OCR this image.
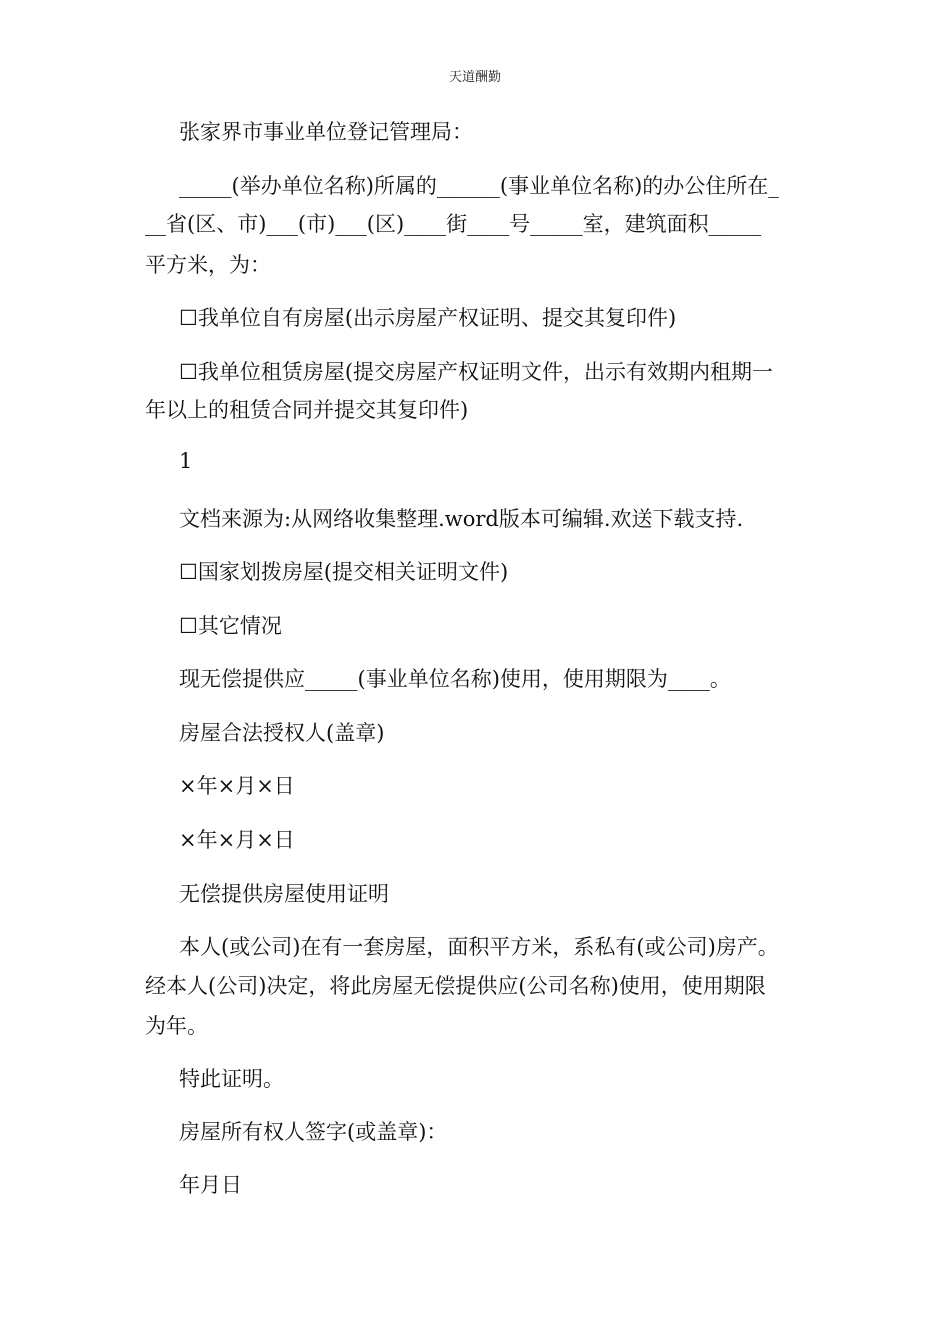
天道酬勤
张家界市事业单位登记管理局：
_____(举办单位名称)所属的______(事业单位名称)的办公住所在_
__省(区、市)___(市)___(区)____街____号_____室，建筑面积_____
平方米，为：
☐我单位自有房屋(出示房屋产权证明、提交其复印件)
☐我单位租赁房屋(提交房屋产权证明文件，出示有效期内租期一
年以上的租赁合同并提交其复印件)
1
文档来源为:从网络收集整理.word版本可编辑.欢送下载支持.
☐国家划拨房屋(提交相关证明文件)
☐其它情况
现无偿提供应_____(事业单位名称)使用，使用期限为____。
房屋合法授权人(盖章)
×年×月×日
×年×月×日
无偿提供房屋使用证明
本人(或公司)在有一套房屋，面积平方米，系私有(或公司)房产。
经本人(公司)决定，将此房屋无偿提供应(公司名称)使用，使用期限
为年。
特此证明。
房屋所有权人签字(或盖章)：
年月日
